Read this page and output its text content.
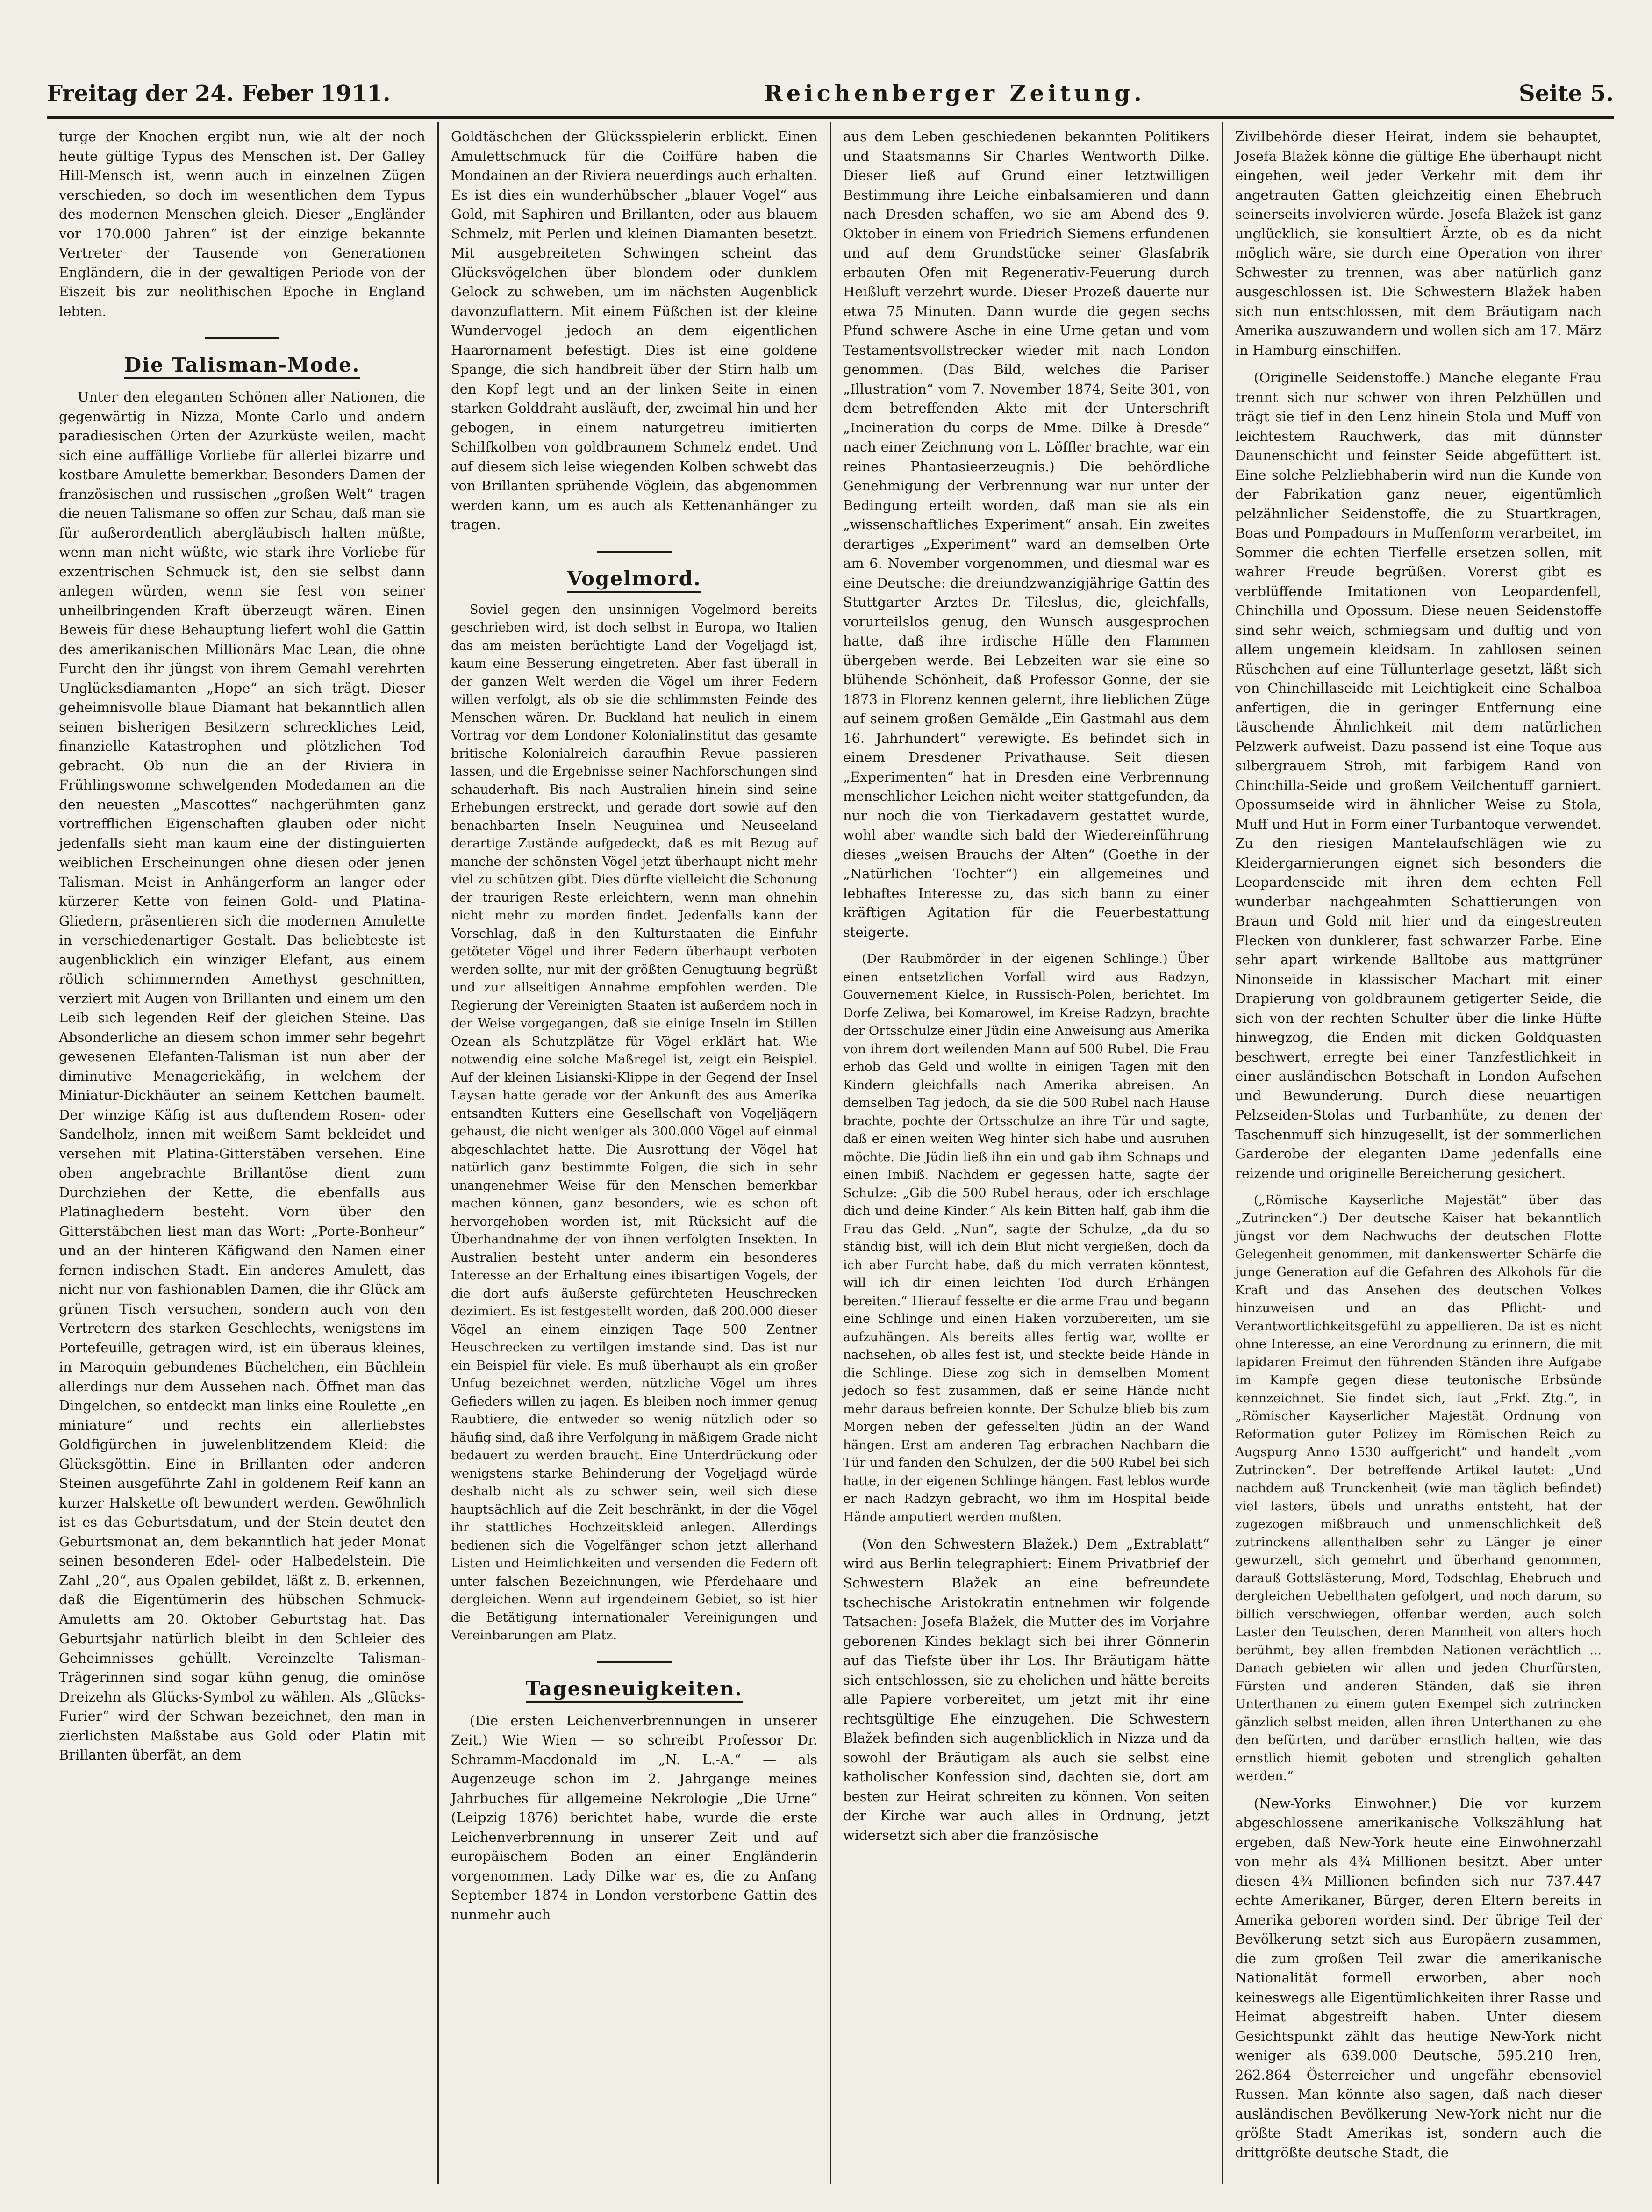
Freitag der 24. Feber 1911.	Reichenberger Zeitung.	Seite 5.

turge der Knochen ergibt nun, wie alt der noch heute gültige Typus des Menschen ist. Der Galley Hill-Mensch ist, wenn auch in einzelnen Zügen verschieden, so doch im wesentlichen dem Typus des modernen Menschen gleich. Dieser „Engländer vor 170.000 Jahren“ ist der einzige bekannte Vertreter der Tausende von Generationen Engländern, die in der gewaltigen Periode von der Eiszeit bis zur neolithischen Epoche in England lebten.

Die Talisman-Mode.

Unter den eleganten Schönen aller Nationen, die gegenwärtig in Nizza, Monte Carlo und andern paradiesischen Orten der Azurküste weilen, macht sich eine auffällige Vorliebe für allerlei bizarre und kostbare Amulette bemerkbar. Besonders Damen der französischen und russischen „großen Welt“ tragen die neuen Talismane so offen zur Schau, daß man sie für außerordentlich abergläubisch halten müßte, wenn man nicht wüßte, wie stark ihre Vorliebe für exzentrischen Schmuck ist, den sie selbst dann anlegen würden, wenn sie fest von seiner unheilbringenden Kraft überzeugt wären. Einen Beweis für diese Behauptung liefert wohl die Gattin des amerikanischen Millionärs Mac Lean, die ohne Furcht den ihr jüngst von ihrem Gemahl verehrten Unglücksdiamanten „Hope“ an sich trägt. Dieser geheimnisvolle blaue Diamant hat bekanntlich allen seinen bisherigen Besitzern schreckliches Leid, finanzielle Katastrophen und plötzlichen Tod gebracht. Ob nun die an der Riviera in Frühlingswonne schwelgenden Modedamen an die den neuesten „Mascottes“ nachgerühmten ganz vortrefflichen Eigenschaften glauben oder nicht jedenfalls sieht man kaum eine der distinguierten weiblichen Erscheinungen ohne diesen oder jenen Talisman. Meist in Anhängerform an langer oder kürzerer Kette von feinen Gold- und Platina-Gliedern, präsentieren sich die modernen Amulette in verschiedenartiger Gestalt. Das beliebteste ist augenblicklich ein winziger Elefant, aus einem rötlich schimmernden Amethyst geschnitten, verziert mit Augen von Brillanten und einem um den Leib sich legenden Reif der gleichen Steine. Das Absonderliche an diesem schon immer sehr begehrt gewesenen Elefanten-Talisman ist nun aber der diminutive Menageriekäfig, in welchem der Miniatur-Dickhäuter an seinem Kettchen baumelt. Der winzige Käfig ist aus duftendem Rosen- oder Sandelholz, innen mit weißem Samt bekleidet und versehen mit Platina-Gitterstäben versehen. Eine oben angebrachte Brillantöse dient zum Durchziehen der Kette, die ebenfalls aus Platinagliedern besteht. Vorn über den Gitterstäbchen liest man das Wort: „Porte-Bonheur“ und an der hinteren Käfigwand den Namen einer fernen indischen Stadt. Ein anderes Amulett, das nicht nur von fashionablen Damen, die ihr Glück am grünen Tisch versuchen, sondern auch von den Vertretern des starken Geschlechts, wenigstens im Portefeuille, getragen wird, ist ein überaus kleines, in Maroquin gebundenes Büchelchen, ein Büchlein allerdings nur dem Aussehen nach. Öffnet man das Dingelchen, so entdeckt man links eine Roulette „en miniature“ und rechts ein allerliebstes Goldfigürchen in juwelenblitzendem Kleid: die Glücksgöttin. Eine in Brillanten oder anderen Steinen ausgeführte Zahl in goldenem Reif kann an kurzer Halskette oft bewundert werden. Gewöhnlich ist es das Geburtsdatum, und der Stein deutet den Geburtsmonat an, dem bekanntlich hat jeder Monat seinen besonderen Edel- oder Halbedelstein. Die Zahl „20“, aus Opalen gebildet, läßt z. B. erkennen, daß die Eigentümerin des hübschen Schmuck-Amuletts am 20. Oktober Geburtstag hat. Das Geburtsjahr natürlich bleibt in den Schleier des Geheimnisses gehüllt. Vereinzelte Talisman-Trägerinnen sind sogar kühn genug, die ominöse Dreizehn als Glücks-Symbol zu wählen. Als „Glücks-Furier“ wird der Schwan bezeichnet, den man in zierlichsten Maßstabe aus Gold oder Platin mit Brillanten überfät, an dem

Goldtäschchen der Glücksspielerin erblickt. Einen Amulettschmuck für die Coiffüre haben die Mondainen an der Riviera neuerdings auch erhalten. Es ist dies ein wunderhübscher „blauer Vogel“ aus Gold, mit Saphiren und Brillanten, oder aus blauem Schmelz, mit Perlen und kleinen Diamanten besetzt. Mit ausgebreiteten Schwingen scheint das Glücksvögelchen über blondem oder dunklem Gelock zu schweben, um im nächsten Augenblick davonzuflattern. Mit einem Füßchen ist der kleine Wundervogel jedoch an dem eigentlichen Haarornament befestigt. Dies ist eine goldene Spange, die sich handbreit über der Stirn halb um den Kopf legt und an der linken Seite in einen starken Golddraht ausläuft, der, zweimal hin und her gebogen, in einem naturgetreu imitierten Schilfkolben von goldbraunem Schmelz endet. Und auf diesem sich leise wiegenden Kolben schwebt das von Brillanten sprühende Vöglein, das abgenommen werden kann, um es auch als Kettenanhänger zu tragen.

Vogelmord.

Soviel gegen den unsinnigen Vogelmord bereits geschrieben wird, ist doch selbst in Europa, wo Italien das am meisten berüchtigte Land der Vogeljagd ist, kaum eine Besserung eingetreten. Aber fast überall in der ganzen Welt werden die Vögel um ihrer Federn willen verfolgt, als ob sie die schlimmsten Feinde des Menschen wären. Dr. Buckland hat neulich in einem Vortrag vor dem Londoner Kolonialinstitut das gesamte britische Kolonialreich daraufhin Revue passieren lassen, und die Ergebnisse seiner Nachforschungen sind schauderhaft. Bis nach Australien hinein sind seine Erhebungen erstreckt, und gerade dort sowie auf den benachbarten Inseln Neuguinea und Neuseeland derartige Zustände aufgedeckt, daß es mit Bezug auf manche der schönsten Vögel jetzt überhaupt nicht mehr viel zu schützen gibt. Dies dürfte vielleicht die Schonung der traurigen Reste erleichtern, wenn man ohnehin nicht mehr zu morden findet. Jedenfalls kann der Vorschlag, daß in den Kulturstaaten die Einfuhr getöteter Vögel und ihrer Federn überhaupt verboten werden sollte, nur mit der größten Genugtuung begrüßt und zur allseitigen Annahme empfohlen werden. Die Regierung der Vereinigten Staaten ist außerdem noch in der Weise vorgegangen, daß sie einige Inseln im Stillen Ozean als Schutzplätze für Vögel erklärt hat. Wie notwendig eine solche Maßregel ist, zeigt ein Beispiel. Auf der kleinen Lisianski-Klippe in der Gegend der Insel Laysan hatte gerade vor der Ankunft des aus Amerika entsandten Kutters eine Gesellschaft von Vogeljägern gehaust, die nicht weniger als 300.000 Vögel auf einmal abgeschlachtet hatte. Die Ausrottung der Vögel hat natürlich ganz bestimmte Folgen, die sich in sehr unangenehmer Weise für den Menschen bemerkbar machen können, ganz besonders, wie es schon oft hervorgehoben worden ist, mit Rücksicht auf die Überhandnahme der von ihnen verfolgten Insekten. In Australien besteht unter anderm ein besonderes Interesse an der Erhaltung eines ibisartigen Vogels, der die dort aufs äußerste gefürchteten Heuschrecken dezimiert. Es ist festgestellt worden, daß 200.000 dieser Vögel an einem einzigen Tage 500 Zentner Heuschrecken zu vertilgen imstande sind. Das ist nur ein Beispiel für viele. Es muß überhaupt als ein großer Unfug bezeichnet werden, nützliche Vögel um ihres Gefieders willen zu jagen. Es bleiben noch immer genug Raubtiere, die entweder so wenig nützlich oder so häufig sind, daß ihre Verfolgung in mäßigem Grade nicht bedauert zu werden braucht. Eine Unterdrückung oder wenigstens starke Behinderung der Vogeljagd würde deshalb nicht als zu schwer sein, weil sich diese hauptsächlich auf die Zeit beschränkt, in der die Vögel ihr stattliches Hochzeitskleid anlegen. Allerdings bedienen sich die Vogelfänger schon jetzt allerhand Listen und Heimlichkeiten und versenden die Federn oft unter falschen Bezeichnungen, wie Pferdehaare und dergleichen. Wenn auf irgendeinem Gebiet, so ist hier die Betätigung internationaler Vereinigungen und Vereinbarungen am Platz.

Tagesneuigkeiten.

(Die ersten Leichenverbrennungen in unserer Zeit.) Wie Wien — so schreibt Professor Dr. Schramm-Macdonald im „N. L.-A.“ — als Augenzeuge schon im 2. Jahrgange meines Jahrbuches für allgemeine Nekrologie „Die Urne“ (Leipzig 1876) berichtet habe, wurde die erste Leichenverbrennung in unserer Zeit und auf europäischem Boden an einer Engländerin vorgenommen. Lady Dilke war es, die zu Anfang September 1874 in London verstorbene Gattin des nunmehr auch

aus dem Leben geschiedenen bekannten Politikers und Staatsmanns Sir Charles Wentworth Dilke. Dieser ließ auf Grund einer letztwilligen Bestimmung ihre Leiche einbalsamieren und dann nach Dresden schaffen, wo sie am Abend des 9. Oktober in einem von Friedrich Siemens erfundenen und auf dem Grundstücke seiner Glasfabrik erbauten Ofen mit Regenerativ-Feuerung durch Heißluft verzehrt wurde. Dieser Prozeß dauerte nur etwa 75 Minuten. Dann wurde die gegen sechs Pfund schwere Asche in eine Urne getan und vom Testamentsvollstrecker wieder mit nach London genommen. (Das Bild, welches die Pariser „Illustration“ vom 7. November 1874, Seite 301, von dem betreffenden Akte mit der Unterschrift „Incineration du corps de Mme. Dilke à Dresde“ nach einer Zeichnung von L. Löffler brachte, war ein reines Phantasieerzeugnis.) Die behördliche Genehmigung der Verbrennung war nur unter der Bedingung erteilt worden, daß man sie als ein „wissenschaftliches Experiment“ ansah. Ein zweites derartiges „Experiment“ ward an demselben Orte am 6. November vorgenommen, und diesmal war es eine Deutsche: die dreiundzwanzigjährige Gattin des Stuttgarter Arztes Dr. Tileslus, die, gleichfalls, vorurteilslos genug, den Wunsch ausgesprochen hatte, daß ihre irdische Hülle den Flammen übergeben werde. Bei Lebzeiten war sie eine so blühende Schönheit, daß Professor Gonne, der sie 1873 in Florenz kennen gelernt, ihre lieblichen Züge auf seinem großen Gemälde „Ein Gastmahl aus dem 16. Jahrhundert“ verewigte. Es befindet sich in einem Dresdener Privathause. Seit diesen „Experimenten“ hat in Dresden eine Verbrennung menschlicher Leichen nicht weiter stattgefunden, da nur noch die von Tierkadavern gestattet wurde, wohl aber wandte sich bald der Wiedereinführung dieses „weisen Brauchs der Alten“ (Goethe in der „Natürlichen Tochter“) ein allgemeines und lebhaftes Interesse zu, das sich bann zu einer kräftigen Agitation für die Feuerbestattung steigerte.

(Der Raubmörder in der eigenen Schlinge.) Über einen entsetzlichen Vorfall wird aus Radzyn, Gouvernement Kielce, in Russisch-Polen, berichtet. Im Dorfe Zeliwa, bei Komarowel, im Kreise Radzyn, brachte der Ortsschulze einer Jüdin eine Anweisung aus Amerika von ihrem dort weilenden Mann auf 500 Rubel. Die Frau erhob das Geld und wollte in einigen Tagen mit den Kindern gleichfalls nach Amerika abreisen. An demselben Tag jedoch, da sie die 500 Rubel nach Hause brachte, pochte der Ortsschulze an ihre Tür und sagte, daß er einen weiten Weg hinter sich habe und ausruhen möchte. Die Jüdin ließ ihn ein und gab ihm Schnaps und einen Imbiß. Nachdem er gegessen hatte, sagte der Schulze: „Gib die 500 Rubel heraus, oder ich erschlage dich und deine Kinder.“ Als kein Bitten half, gab ihm die Frau das Geld. „Nun“, sagte der Schulze, „da du so ständig bist, will ich dein Blut nicht vergießen, doch da ich aber Furcht habe, daß du mich verraten könntest, will ich dir einen leichten Tod durch Erhängen bereiten.“ Hierauf fesselte er die arme Frau und begann eine Schlinge und einen Haken vorzubereiten, um sie aufzuhängen. Als bereits alles fertig war, wollte er nachsehen, ob alles fest ist, und steckte beide Hände in die Schlinge. Diese zog sich in demselben Moment jedoch so fest zusammen, daß er seine Hände nicht mehr daraus befreien konnte. Der Schulze blieb bis zum Morgen neben der gefesselten Jüdin an der Wand hängen. Erst am anderen Tag erbrachen Nachbarn die Tür und fanden den Schulzen, der die 500 Rubel bei sich hatte, in der eigenen Schlinge hängen. Fast leblos wurde er nach Radzyn gebracht, wo ihm im Hospital beide Hände amputiert werden mußten.

(Von den Schwestern Blažek.) Dem „Extrablatt“ wird aus Berlin telegraphiert: Einem Privatbrief der Schwestern Blažek an eine befreundete tschechische Aristokratin entnehmen wir folgende Tatsachen: Josefa Blažek, die Mutter des im Vorjahre geborenen Kindes beklagt sich bei ihrer Gönnerin auf das Tiefste über ihr Los. Ihr Bräutigam hätte sich entschlossen, sie zu ehelichen und hätte bereits alle Papiere vorbereitet, um jetzt mit ihr eine rechtsgültige Ehe einzugehen. Die Schwestern Blažek befinden sich augenblicklich in Nizza und da sowohl der Bräutigam als auch sie selbst eine katholischer Konfession sind, dachten sie, dort am besten zur Heirat schreiten zu können. Von seiten der Kirche war auch alles in Ordnung, jetzt widersetzt sich aber die französische

Zivilbehörde dieser Heirat, indem sie behauptet, Josefa Blažek könne die gültige Ehe überhaupt nicht eingehen, weil jeder Verkehr mit dem ihr angetrauten Gatten gleichzeitig einen Ehebruch seinerseits involvieren würde. Josefa Blažek ist ganz unglücklich, sie konsultiert Ärzte, ob es da nicht möglich wäre, sie durch eine Operation von ihrer Schwester zu trennen, was aber natürlich ganz ausgeschlossen ist. Die Schwestern Blažek haben sich nun entschlossen, mit dem Bräutigam nach Amerika auszuwandern und wollen sich am 17. März in Hamburg einschiffen.

(Originelle Seidenstoffe.) Manche elegante Frau trennt sich nur schwer von ihren Pelzhüllen und trägt sie tief in den Lenz hinein Stola und Muff von leichtestem Rauchwerk, das mit dünnster Daunenschicht und feinster Seide abgefüttert ist. Eine solche Pelzliebhaberin wird nun die Kunde von der Fabrikation ganz neuer, eigentümlich pelzähnlicher Seidenstoffe, die zu Stuartkragen, Boas und Pompadours in Muffenform verarbeitet, im Sommer die echten Tierfelle ersetzen sollen, mit wahrer Freude begrüßen. Vorerst gibt es verblüffende Imitationen von Leopardenfell, Chinchilla und Opossum. Diese neuen Seidenstoffe sind sehr weich, schmiegsam und duftig und von allem ungemein kleidsam. In zahllosen seinen Rüschchen auf eine Tüllunterlage gesetzt, läßt sich von Chinchillaseide mit Leichtigkeit eine Schalboa anfertigen, die in geringer Entfernung eine täuschende Ähnlichkeit mit dem natürlichen Pelzwerk aufweist. Dazu passend ist eine Toque aus silbergrauem Stroh, mit farbigem Rand von Chinchilla-Seide und großem Veilchentuff garniert. Opossumseide wird in ähnlicher Weise zu Stola, Muff und Hut in Form einer Turbantoque verwendet. Zu den riesigen Mantelaufschlägen wie zu Kleidergarnierungen eignet sich besonders die Leopardenseide mit ihren dem echten Fell wunderbar nachgeahmten Schattierungen von Braun und Gold mit hier und da eingestreuten Flecken von dunklerer, fast schwarzer Farbe. Eine sehr apart wirkende Balltobe aus mattgrüner Ninonseide in klassischer Machart mit einer Drapierung von goldbraunem getigerter Seide, die sich von der rechten Schulter über die linke Hüfte hinwegzog, die Enden mit dicken Goldquasten beschwert, erregte bei einer Tanzfestlichkeit in einer ausländischen Botschaft in London Aufsehen und Bewunderung. Durch diese neuartigen Pelzseiden-Stolas und Turbanhüte, zu denen der Taschenmuff sich hinzugesellt, ist der sommerlichen Garderobe der eleganten Dame jedenfalls eine reizende und originelle Bereicherung gesichert.

(„Römische Kayserliche Majestät“ über das „Zutrincken“.) Der deutsche Kaiser hat bekanntlich jüngst vor dem Nachwuchs der deutschen Flotte Gelegenheit genommen, mit dankenswerter Schärfe die junge Generation auf die Gefahren des Alkohols für die Kraft und das Ansehen des deutschen Volkes hinzuweisen und an das Pflicht- und Verantwortlichkeitsgefühl zu appellieren. Da ist es nicht ohne Interesse, an eine Verordnung zu erinnern, die mit lapidaren Freimut den führenden Ständen ihre Aufgabe im Kampfe gegen diese teutonische Erbsünde kennzeichnet. Sie findet sich, laut „Frkf. Ztg.“, in „Römischer Kayserlicher Majestät Ordnung von Reformation guter Polizey im Römischen Reich zu Augspurg Anno 1530 auffgericht“ und handelt „vom Zutrincken“. Der betreffende Artikel lautet: „Und nachdem auß Trunckenheit (wie man täglich befindet) viel lasters, übels und unraths entsteht, hat der zugezogen mißbrauch und unmenschlichkeit deß zutrinckens allenthalben sehr zu Länger je einer gewurzelt, sich gemehrt und überhand genommen, darauß Gottslästerung, Mord, Todschlag, Ehebruch und dergleichen Uebelthaten gefolgert, und noch darum, so billich verschwiegen, offenbar werden, auch solch Laster den Teutschen, deren Mannheit von alters hoch berühmt, bey allen frembden Nationen verächtlich ... Danach gebieten wir allen und jeden Churfürsten, Fürsten und anderen Ständen, daß sie ihren Unterthanen zu einem guten Exempel sich zutrincken gänzlich selbst meiden, allen ihren Unterthanen zu ehe den befürten, und darüber ernstlich halten, wie das ernstlich hiemit geboten und strenglich gehalten werden.“

(New-Yorks Einwohner.) Die vor kurzem abgeschlossene amerikanische Volkszählung hat ergeben, daß New-York heute eine Einwohnerzahl von mehr als 4¾ Millionen besitzt. Aber unter diesen 4¾ Millionen befinden sich nur 737.447 echte Amerikaner, Bürger, deren Eltern bereits in Amerika geboren worden sind. Der übrige Teil der Bevölkerung setzt sich aus Europäern zusammen, die zum großen Teil zwar die amerikanische Nationalität formell erworben, aber noch keineswegs alle Eigentümlichkeiten ihrer Rasse und Heimat abgestreift haben. Unter diesem Gesichtspunkt zählt das heutige New-York nicht weniger als 639.000 Deutsche, 595.210 Iren, 262.864 Österreicher und ungefähr ebensoviel Russen. Man könnte also sagen, daß nach dieser ausländischen Bevölkerung New-York nicht nur die größte Stadt Amerikas ist, sondern auch die drittgrößte deutsche Stadt, die
